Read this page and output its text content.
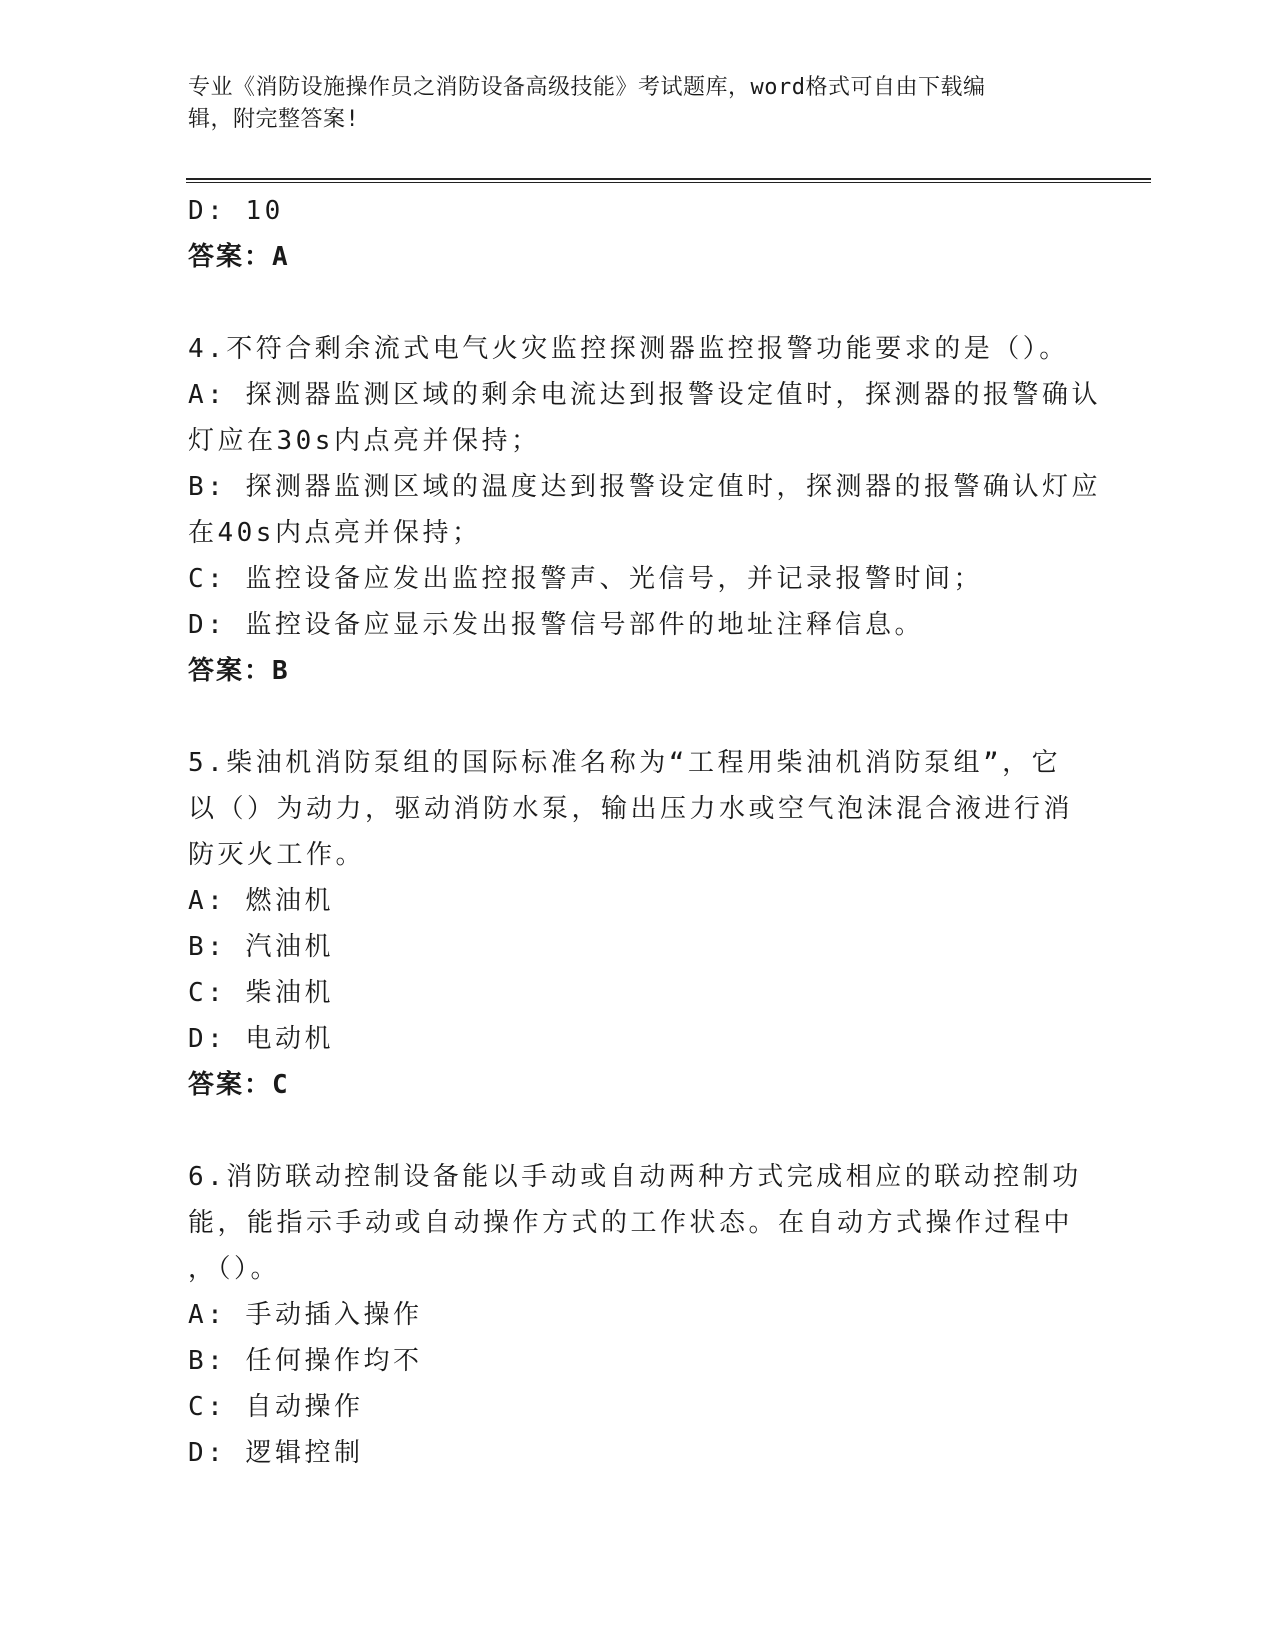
专业《消防设施操作员之消防设备高级技能》考试题库，word格式可自由下载编
辑，附完整答案!

D: 10

答案：A

4.不符合剩余流式电气火灾监控探测器监控报警功能要求的是（）。

A: 探测器监测区域的剩余电流达到报警设定值时，探测器的报警确认

灯应在30s内点亮并保持；

B: 探测器监测区域的温度达到报警设定值时，探测器的报警确认灯应

在40s内点亮并保持；

C: 监控设备应发出监控报警声、光信号，并记录报警时间；

D: 监控设备应显示发出报警信号部件的地址注释信息。

答案：B

5.柴油机消防泵组的国际标准名称为“工程用柴油机消防泵组”，它

以（）为动力，驱动消防水泵，输出压力水或空气泡沫混合液进行消

防灭火工作。

A: 燃油机

B: 汽油机

C: 柴油机

D: 电动机

答案：C

6.消防联动控制设备能以手动或自动两种方式完成相应的联动控制功

能，能指示手动或自动操作方式的工作状态。在自动方式操作过程中

，（）。

A: 手动插入操作

B: 任何操作均不

C: 自动操作

D: 逻辑控制
